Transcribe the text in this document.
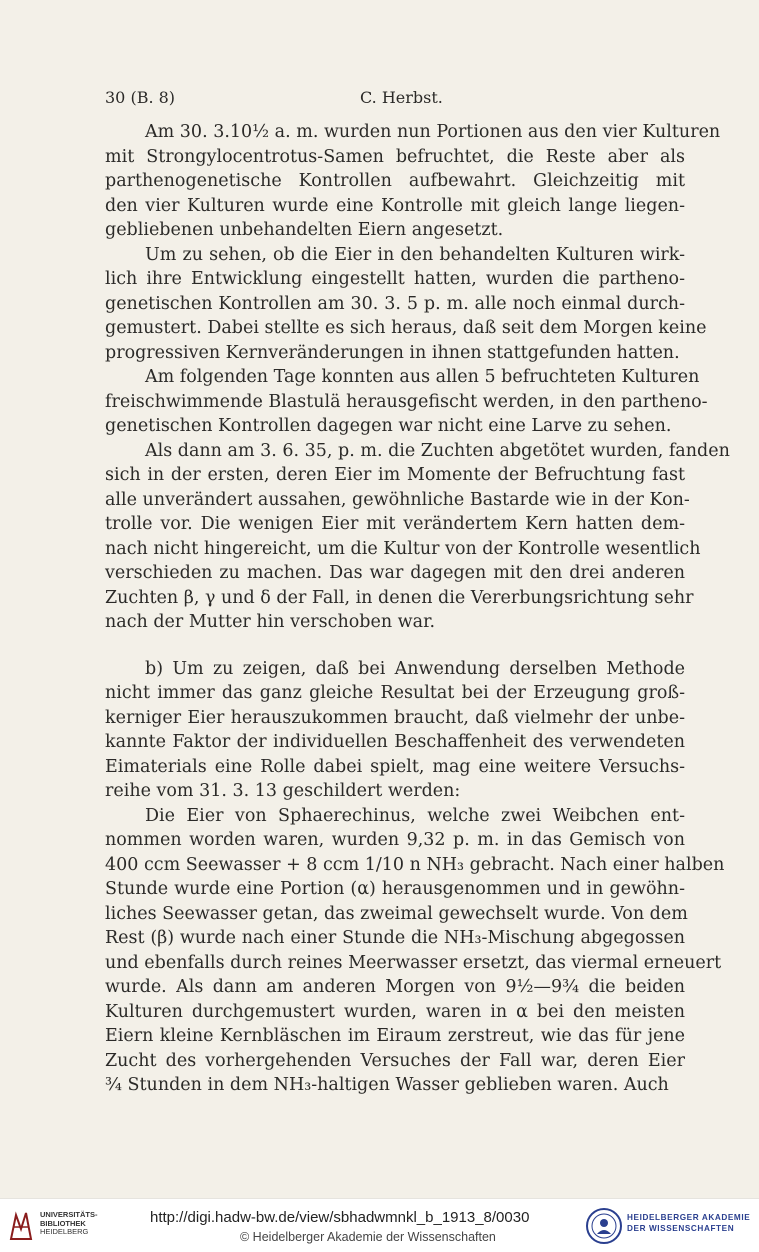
30 (B. 8)	C. Herbst.
Am 30. 3.10½ a. m. wurden nun Portionen aus den vier Kulturen
mit Strongylocentrotus-Samen befruchtet, die Reste aber als
parthenogenetische Kontrollen aufbewahrt. Gleichzeitig mit
den vier Kulturen wurde eine Kontrolle mit gleich lange liegen-
gebliebenen unbehandelten Eiern angesetzt.
Um zu sehen, ob die Eier in den behandelten Kulturen wirk-
lich ihre Entwicklung eingestellt hatten, wurden die partheno-
genetischen Kontrollen am 30. 3. 5 p. m. alle noch einmal durch-
gemustert. Dabei stellte es sich heraus, daß seit dem Morgen keine
progressiven Kernveränderungen in ihnen stattgefunden hatten.
Am folgenden Tage konnten aus allen 5 befruchteten Kulturen
freischwimmende Blastulä herausgefischt werden, in den partheno-
genetischen Kontrollen dagegen war nicht eine Larve zu sehen.
Als dann am 3. 6. 35, p. m. die Zuchten abgetötet wurden, fanden
sich in der ersten, deren Eier im Momente der Befruchtung fast
alle unverändert aussahen, gewöhnliche Bastarde wie in der Kon-
trolle vor. Die wenigen Eier mit verändertem Kern hatten dem-
nach nicht hingereicht, um die Kultur von der Kontrolle wesentlich
verschieden zu machen. Das war dagegen mit den drei anderen
Zuchten β, γ und δ der Fall, in denen die Vererbungsrichtung sehr
nach der Mutter hin verschoben war.
b) Um zu zeigen, daß bei Anwendung derselben Methode
nicht immer das ganz gleiche Resultat bei der Erzeugung groß-
kerniger Eier herauszukommen braucht, daß vielmehr der unbe-
kannte Faktor der individuellen Beschaffenheit des verwendeten
Eimaterials eine Rolle dabei spielt, mag eine weitere Versuchs-
reihe vom 31. 3. 13 geschildert werden:
Die Eier von Sphaerechinus, welche zwei Weibchen ent-
nommen worden waren, wurden 9,32 p. m. in das Gemisch von
400 ccm Seewasser + 8 ccm 1/10 n NH₃ gebracht. Nach einer halben
Stunde wurde eine Portion (α) herausgenommen und in gewöhn-
liches Seewasser getan, das zweimal gewechselt wurde. Von dem
Rest (β) wurde nach einer Stunde die NH₃-Mischung abgegossen
und ebenfalls durch reines Meerwasser ersetzt, das viermal erneuert
wurde. Als dann am anderen Morgen von 9½—9¾ die beiden
Kulturen durchgemustert wurden, waren in α bei den meisten
Eiern kleine Kernbläschen im Eiraum zerstreut, wie das für jene
Zucht des vorhergehenden Versuches der Fall war, deren Eier
¾ Stunden in dem NH₃-haltigen Wasser geblieben waren. Auch
UNIVERSITÄTS-
BIBLIOTHEK
HEIDELBERG
http://digi.hadw-bw.de/view/sbhadwmnkl_b_1913_8/0030
© Heidelberger Akademie der Wissenschaften
HEIDELBERGER AKADEMIE
DER WISSENSCHAFTEN
